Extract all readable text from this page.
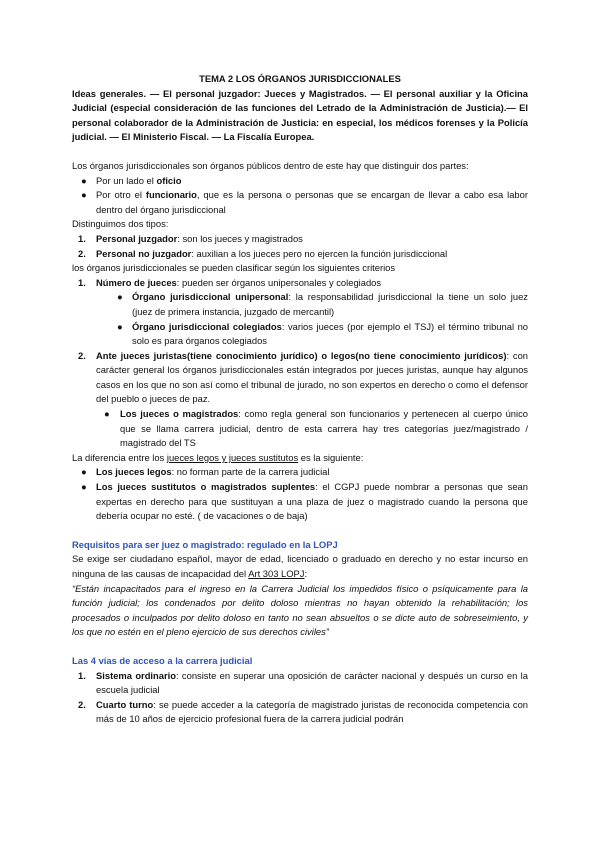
TEMA 2 LOS ÓRGANOS JURISDICCIONALES

Ideas generales. — El personal juzgador: Jueces y Magistrados. — El personal auxiliar y la Oficina Judicial (especial consideración de las funciones del Letrado de la Administración de Justicia).— El personal colaborador de la Administración de Justicia: en especial, los médicos forenses y la Policía judicial. — El Ministerio Fiscal. — La Fiscalía Europea.

Los órganos jurisdiccionales son órganos públicos dentro de este hay que distinguir dos partes:

● Por un lado el oficio
● Por otro el funcionario, que es la persona o personas que se encargan de llevar a cabo esa labor dentro del órgano jurisdiccional

Distinguimos dos tipos:

1. Personal juzgador: son los jueces y magistrados
2. Personal no juzgador: auxilian a los jueces pero no ejercen la función jurisdiccional

los órganos jurisdiccionales se pueden clasificar según los siguientes criterios

1. Número de jueces: pueden ser órganos unipersonales y colegiados
● Órgano jurisdiccional unipersonal: la responsabilidad jurisdiccional la tiene un solo juez (juez de primera instancia, juzgado de mercantil)
● Órgano jurisdiccional colegiados: varios jueces (por ejemplo el TSJ) el término tribunal no solo es para órganos colegiados
2. Ante jueces juristas(tiene conocimiento jurídico) o legos(no tiene conocimiento jurídicos): con carácter general los órganos jurisdiccionales están integrados por jueces juristas, aunque hay algunos casos en los que no son así como el tribunal de jurado, no son expertos en derecho o como el defensor del pueblo o jueces de paz.
● Los jueces o magistrados: como regla general son funcionarios y pertenecen al cuerpo único que se llama carrera judicial, dentro de esta carrera hay tres categorías juez/magistrado / magistrado del TS

La diferencia entre los jueces legos y jueces sustitutos es la siguiente:

● Los jueces legos: no forman parte de la carrera judicial
● Los jueces sustitutos o magistrados suplentes: el CGPJ puede nombrar a personas que sean expertas en derecho para que sustituyan a una plaza de juez o magistrado cuando la persona que debería ocupar no esté. ( de vacaciones o de baja)

Requisitos para ser juez o magistrado: regulado en la LOPJ

Se exige ser ciudadano español, mayor de edad, licenciado o graduado en derecho y no estar incurso en ninguna de las causas de incapacidad del Art 303 LOPJ:

“Están incapacitados para el ingreso en la Carrera Judicial los impedidos físico o psíquicamente para la función judicial; los condenados por delito doloso mientras no hayan obtenido la rehabilitación; los procesados o inculpados por delito doloso en tanto no sean absueltos o se dicte auto de sobreseimiento, y los que no estén en el pleno ejercicio de sus derechos civiles”

Las 4 vías de acceso a la carrera judicial

1. Sistema ordinario: consiste en superar una oposición de carácter nacional y después un curso en la escuela judicial
2. Cuarto turno: se puede acceder a la categoría de magistrado juristas de reconocida competencia con más de 10 años de ejercicio profesional fuera de la carrera judicial podrán
